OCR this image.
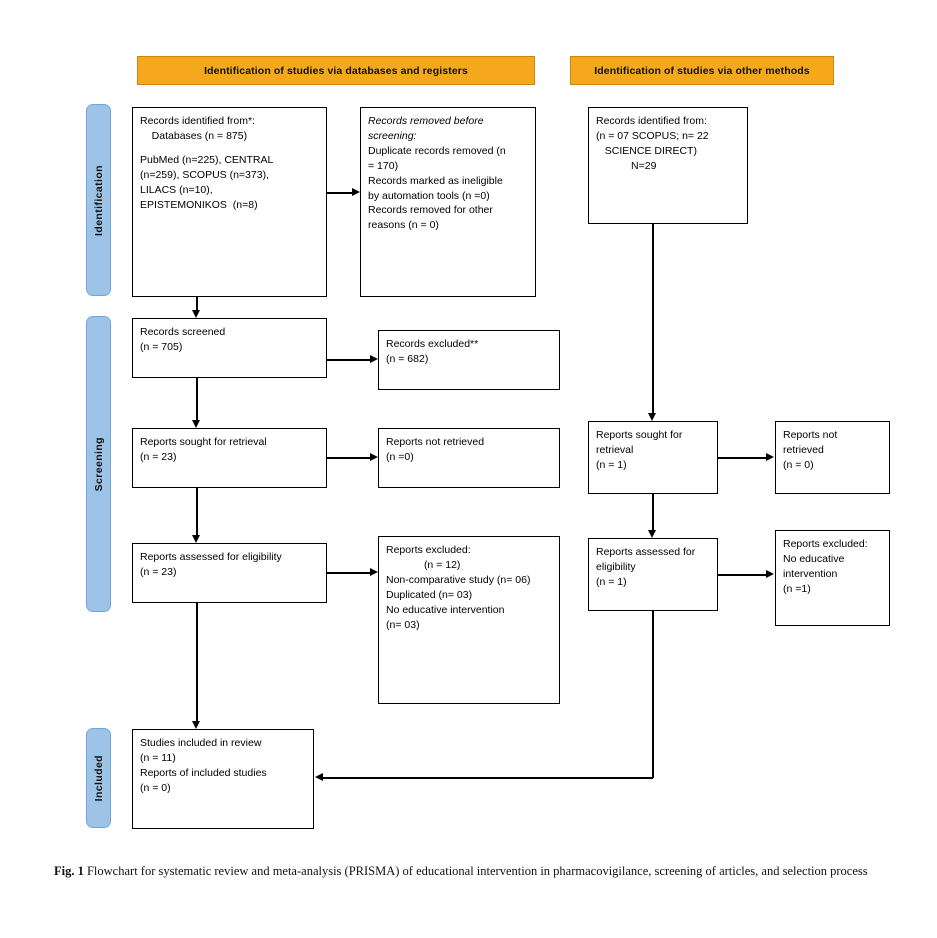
Identification of studies via databases and registers	Identification of studies via other methods
Identification
Screening
Included
Records identified from*:
Databases (n = 875)
PubMed (n=225), CENTRAL
(n=259), SCOPUS (n=373),
LILACS (n=10),
EPISTEMONIKOS  (n=8)
Records removed before
screening:
Duplicate records removed (n
= 170)
Records marked as ineligible
by automation tools (n =0)
Records removed for other
reasons (n = 0)
Records screened
(n = 705)	Records excluded**
(n = 682)
Reports sought for retrieval
(n = 23)
Reports not retrieved
(n =0)
Reports assessed for eligibility
(n = 23)
Reports excluded:
(n = 12)
Non-comparative study (n= 06)
Duplicated (n= 03)
No educative intervention
(n= 03)
Studies included in review
(n = 11)
Reports of included studies
(n = 0)
Records identified from:
(n = 07 SCOPUS; n= 22
SCIENCE DIRECT)
N=29
Reports sought for
retrieval
(n = 1)
Reports not
retrieved
(n = 0)
Reports assessed for
eligibility
(n = 1)
Reports excluded:
No educative
intervention
(n =1)
Fig. 1 Flowchart for systematic review and meta-analysis (PRISMA) of educational intervention in pharmacovigilance, screening of articles, and selection process
